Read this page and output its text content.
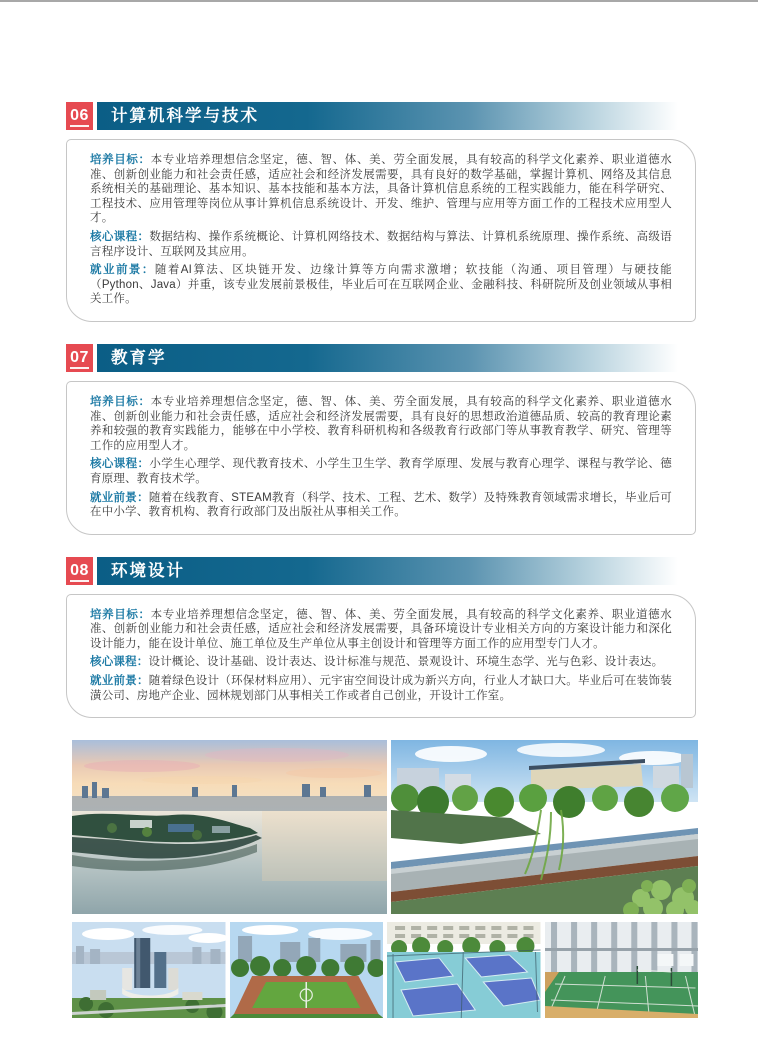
06	计算机科学与技术

培养目标：本专业培养理想信念坚定，德、智、体、美、劳全面发展，具有较高的科学文化素养、职业道德水准、创新创业能力和社会责任感，适应社会和经济发展需要，具有良好的数学基础，掌握计算机、网络及其信息系统相关的基础理论、基本知识、基本技能和基本方法，具备计算机信息系统的工程实践能力，能在科学研究、工程技术、应用管理等岗位从事计算机信息系统设计、开发、维护、管理与应用等方面工作的工程技术应用型人才。

核心课程：数据结构、操作系统概论、计算机网络技术、数据结构与算法、计算机系统原理、操作系统、高级语言程序设计、互联网及其应用。

就业前景：随着AI算法、区块链开发、边缘计算等方向需求激增；软技能（沟通、项目管理）与硬技能（Python、Java）并重，该专业发展前景极佳，毕业后可在互联网企业、金融科技、科研院所及创业领域从事相关工作。

07	教育学

培养目标：本专业培养理想信念坚定，德、智、体、美、劳全面发展，具有较高的科学文化素养、职业道德水准、创新创业能力和社会责任感，适应社会和经济发展需要，具有良好的思想政治道德品质、较高的教育理论素养和较强的教育实践能力，能够在中小学校、教育科研机构和各级教育行政部门等从事教育教学、研究、管理等工作的应用型人才。

核心课程：小学生心理学、现代教育技术、小学生卫生学、教育学原理、发展与教育心理学、课程与教学论、德育原理、教育技术学。

就业前景：随着在线教育、STEAM教育（科学、技术、工程、艺术、数学）及特殊教育领域需求增长，毕业后可在中小学、教育机构、教育行政部门及出版社从事相关工作。

08	环境设计

培养目标：本专业培养理想信念坚定，德、智、体、美、劳全面发展，具有较高的科学文化素养、职业道德水准、创新创业能力和社会责任感，适应社会和经济发展需要，具备环境设计专业相关方向的方案设计能力和深化设计能力，能在设计单位、施工单位及生产单位从事主创设计和管理等方面工作的应用型专门人才。

核心课程：设计概论、设计基础、设计表达、设计标准与规范、景观设计、环境生态学、光与色彩、设计表达。

就业前景：随着绿色设计（环保材料应用）、元宇宙空间设计成为新兴方向，行业人才缺口大。毕业后可在装饰装潢公司、房地产企业、园林规划部门从事相关工作或者自己创业，开设计工作室。
